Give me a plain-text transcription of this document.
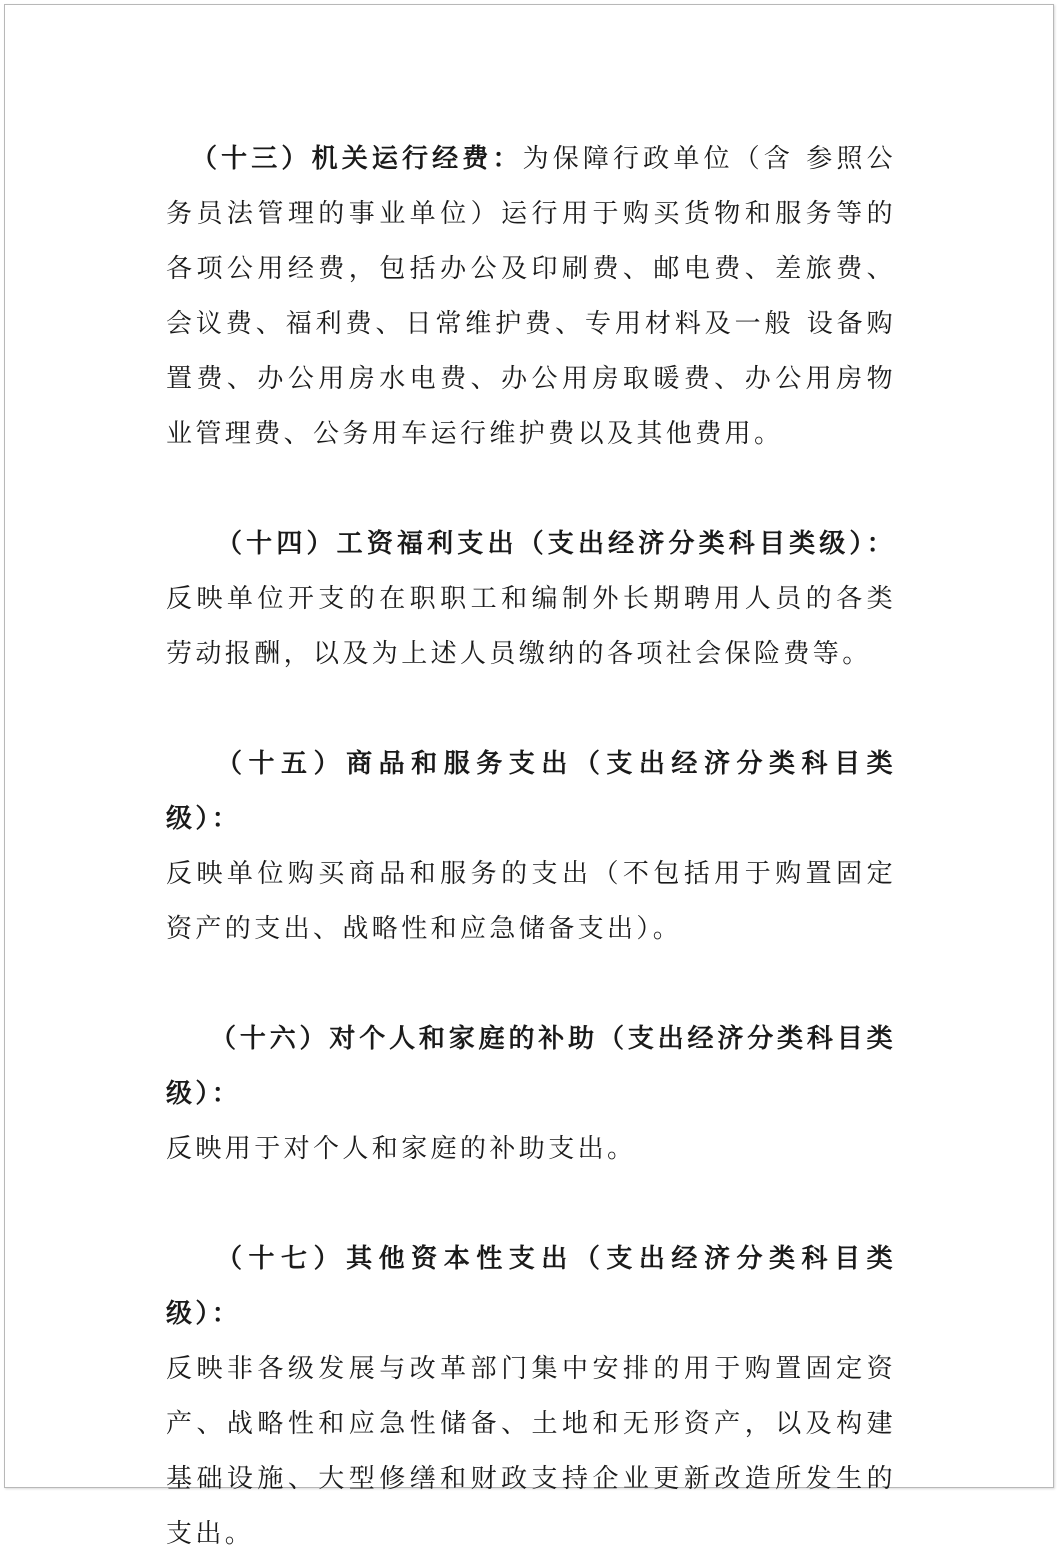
（十三）机关运行经费：为保障行政单位（含 参照公务员法管理的事业单位）运行用于购买货物和服务等的各项公用经费，包括办公及印刷费、邮电费、差旅费、会议费、福利费、日常维护费、专用材料及一般 设备购置费、办公用房水电费、办公用房取暖费、办公用房物业管理费、公务用车运行维护费以及其他费用。

（十四）工资福利支出（支出经济分类科目类级）：反映单位开支的在职职工和编制外长期聘用人员的各类劳动报酬，以及为上述人员缴纳的各项社会保险费等。

（十五）商品和服务支出（支出经济分类科目类级）：
反映单位购买商品和服务的支出（不包括用于购置固定资产的支出、战略性和应急储备支出）。

（十六）对个人和家庭的补助（支出经济分类科目类级）：
反映用于对个人和家庭的补助支出。

（十七）其他资本性支出（支出经济分类科目类级）：
反映非各级发展与改革部门集中安排的用于购置固定资产、战略性和应急性储备、土地和无形资产，以及构建基础设施、大型修缮和财政支持企业更新改造所发生的支出。
